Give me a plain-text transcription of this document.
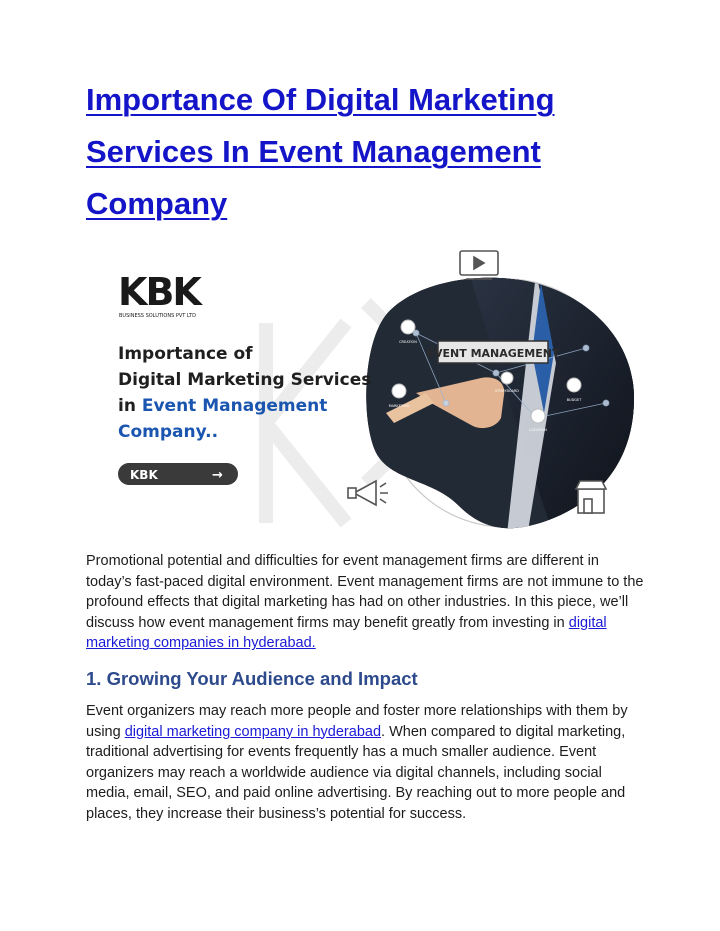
Importance Of Digital Marketing
Services In Event Management
Company
EVENT MANAGEMENT
CREATION
STORYBOARD
MARKETING
BUDGET
LOCATION
KBK
BUSINESS SOLUTIONS PVT LTD
Importance of
Digital Marketing Services
in Event Management
Company..
KBK	→

Promotional potential and difficulties for event management firms are different in today’s fast-paced digital environment. Event management firms are not immune to the profound effects that digital marketing has had on other industries. In this piece, we’ll discuss how event management firms may benefit greatly from investing in digital marketing companies in hyderabad.

1. Growing Your Audience and Impact

Event organizers may reach more people and foster more relationships with them by using digital marketing company in hyderabad. When compared to digital marketing, traditional advertising for events frequently has a much smaller audience. Event organizers may reach a worldwide audience via digital channels, including social media, email, SEO, and paid online advertising. By reaching out to more people and places, they increase their business’s potential for success.
